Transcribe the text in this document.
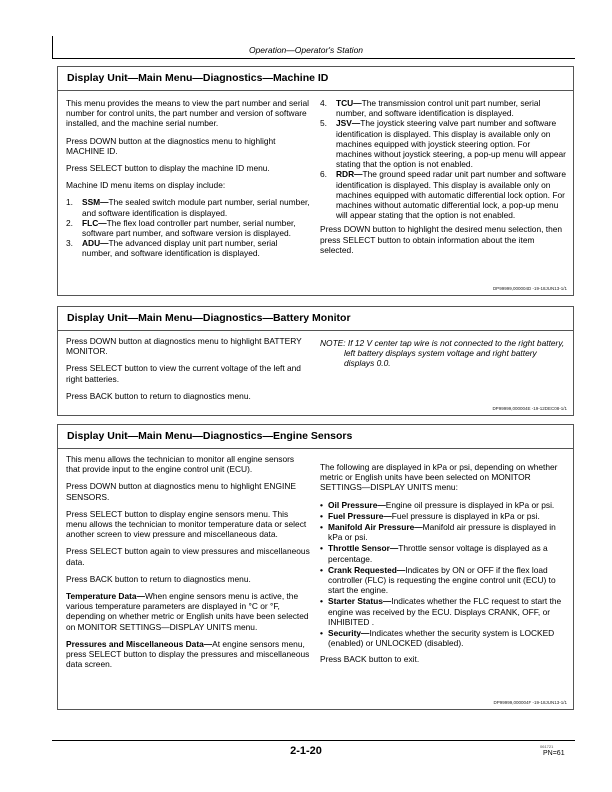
Operation—Operator's Station
Display Unit—Main Menu—Diagnostics—Machine ID

This menu provides the means to view the part number and serial number for control units, the part number and version of software installed, and the machine serial number.

Press DOWN button at the diagnostics menu to highlight MACHINE ID.

Press SELECT button to display the machine ID menu.

Machine ID menu items on display include:

1. SSM—The sealed switch module part number, serial number, and software identification is displayed.
2. FLC—The flex load controller part number, serial number, software part number, and software version is displayed.
3. ADU—The advanced display unit part number, serial number, and software identification is displayed.
4. TCU—The transmission control unit part number, serial number, and software identification is displayed.
5. JSV—The joystick steering valve part number and software identification is displayed. This display is available only on machines equipped with joystick steering option. For machines without joystick steering, a pop-up menu will appear stating that the option is not enabled.
6. RDR—The ground speed radar unit part number and software identification is displayed. This display is available only on machines equipped with automatic differential lock option. For machines without automatic differential lock, a pop-up menu will appear stating that the option is not enabled.

Press DOWN button to highlight the desired menu selection, then press SELECT button to obtain information about the item selected.

DP99999,000004D -19-18JUN13-1/1
Display Unit—Main Menu—Diagnostics—Battery Monitor

Press DOWN button at diagnostics menu to highlight BATTERY MONITOR.

Press SELECT button to view the current voltage of the left and right batteries.

Press BACK button to return to diagnostics menu.

NOTE: If 12 V center tap wire is not connected to the right battery, left battery displays system voltage and right battery displays 0.0.

DP99999,000004E -19-12DEC08-1/1
Display Unit—Main Menu—Diagnostics—Engine Sensors

This menu allows the technician to monitor all engine sensors that provide input to the engine control unit (ECU).

Press DOWN button at diagnostics menu to highlight ENGINE SENSORS.

Press SELECT button to display engine sensors menu. This menu allows the technician to monitor temperature data or select another screen to view pressure and miscellaneous data.

Press SELECT button again to view pressures and miscellaneous data.

Press BACK button to return to diagnostics menu.

Temperature Data—When engine sensors menu is active, the various temperature parameters are displayed in °C or °F, depending on whether metric or English units have been selected on MONITOR SETTINGS—DISPLAY UNITS menu.

Pressures and Miscellaneous Data—At engine sensors menu, press SELECT button to display the pressures and miscellaneous data screen.

The following are displayed in kPa or psi, depending on whether metric or English units have been selected on MONITOR SETTINGS—DISPLAY UNITS menu:

• Oil Pressure—Engine oil pressure is displayed in kPa or psi.
• Fuel Pressure—Fuel pressure is displayed in kPa or psi.
• Manifold Air Pressure—Manifold air pressure is displayed in kPa or psi.
• Throttle Sensor—Throttle sensor voltage is displayed as a percentage.
• Crank Requested—Indicates by ON or OFF if the flex load controller (FLC) is requesting the engine control unit (ECU) to start the engine.
• Starter Status—Indicates whether the FLC request to start the engine was received by the ECU. Displays CRANK, OFF, or INHIBITED .
• Security—Indicates whether the security system is LOCKED (enabled) or UNLOCKED (disabled).

Press BACK button to exit.

DP99999,000004F -19-18JUN13-1/1
2-1-20	061721
PN=61
